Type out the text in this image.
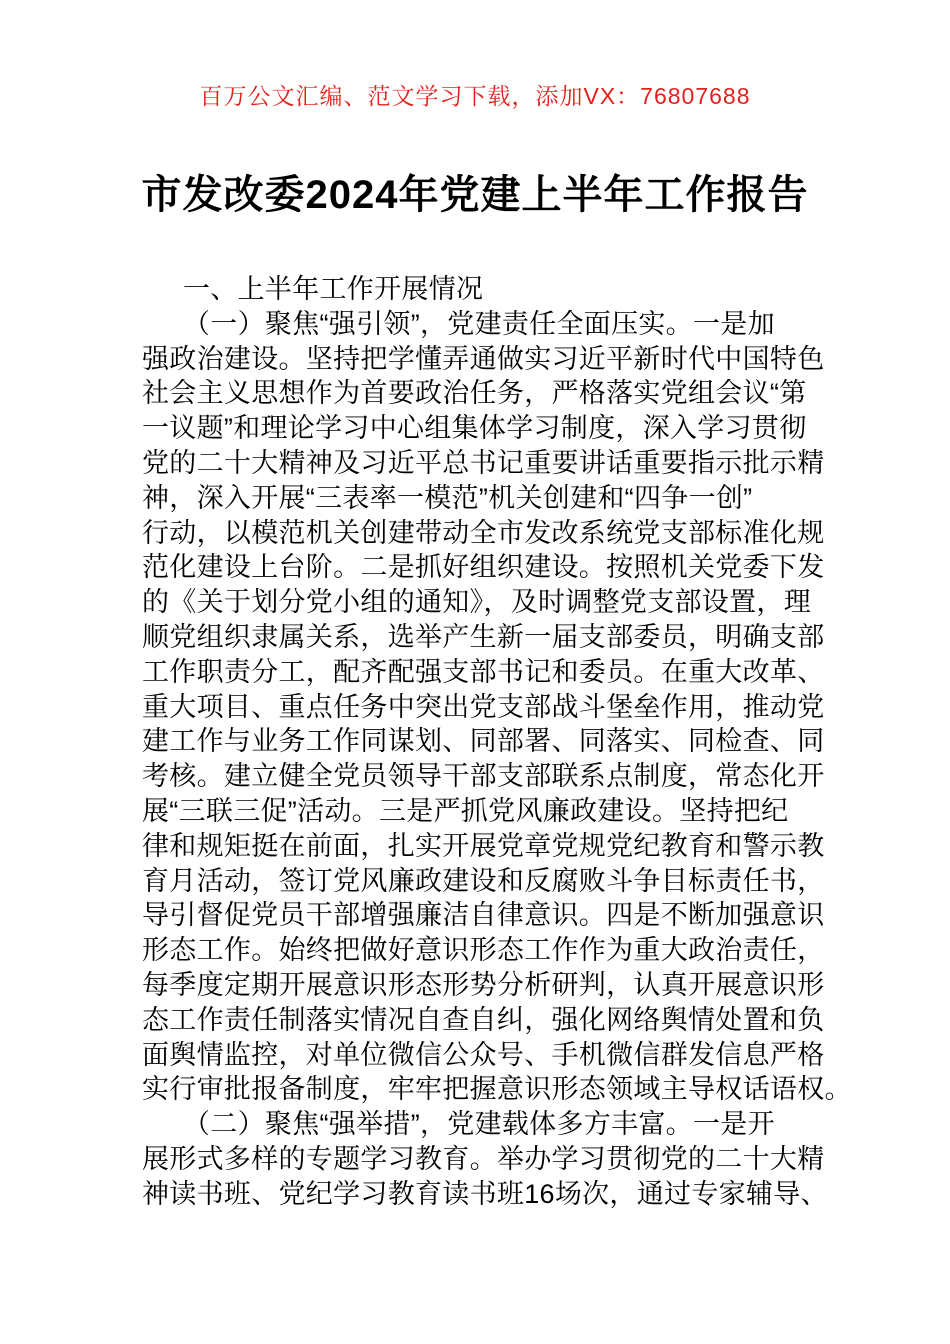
百万公文汇编、范文学习下载，添加VX：76807688
市发改委2024年党建上半年工作报告
一、上半年工作开展情况
（一）聚焦“强引领”，党建责任全面压实。一是加
强政治建设。坚持把学懂弄通做实习近平新时代中国特色
社会主义思想作为首要政治任务，严格落实党组会议“第
一议题”和理论学习中心组集体学习制度，深入学习贯彻
党的二十大精神及习近平总书记重要讲话重要指示批示精
神，深入开展“三表率一模范”机关创建和“四争一创”
行动，以模范机关创建带动全市发改系统党支部标准化规
范化建设上台阶。二是抓好组织建设。按照机关党委下发
的《关于划分党小组的通知》，及时调整党支部设置，理
顺党组织隶属关系，选举产生新一届支部委员，明确支部
工作职责分工，配齐配强支部书记和委员。在重大改革、
重大项目、重点任务中突出党支部战斗堡垒作用，推动党
建工作与业务工作同谋划、同部署、同落实、同检查、同
考核。建立健全党员领导干部支部联系点制度，常态化开
展“三联三促”活动。三是严抓党风廉政建设。坚持把纪
律和规矩挺在前面，扎实开展党章党规党纪教育和警示教
育月活动，签订党风廉政建设和反腐败斗争目标责任书，
导引督促党员干部增强廉洁自律意识。四是不断加强意识
形态工作。始终把做好意识形态工作作为重大政治责任，
每季度定期开展意识形态形势分析研判，认真开展意识形
态工作责任制落实情况自查自纠，强化网络舆情处置和负
面舆情监控，对单位微信公众号、手机微信群发信息严格
实行审批报备制度，牢牢把握意识形态领域主导权话语权。
（二）聚焦“强举措”，党建载体多方丰富。一是开
展形式多样的专题学习教育。举办学习贯彻党的二十大精
神读书班、党纪学习教育读书班16场次，通过专家辅导、
